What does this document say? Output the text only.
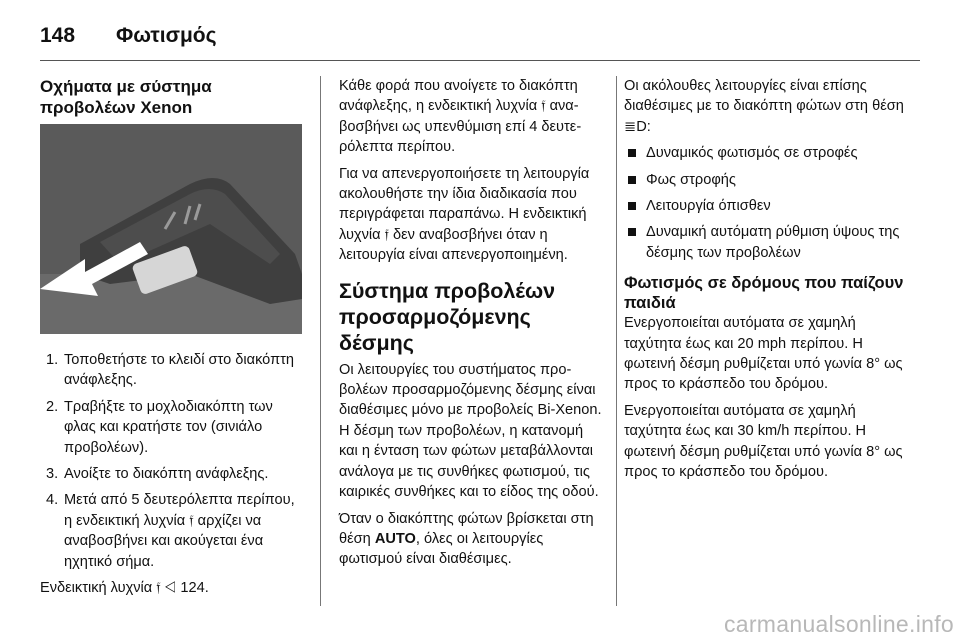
148 Φωτισμός
Οχήματα με σύστημα προβολέων Xenon
1. Τοποθετήστε το κλειδί στο διακόπτη ανάφλεξης.
2. Τραβήξτε το μοχλοδιακόπτη των φλας και κρατήστε τον (σινιάλο προβολέων).
3. Ανοίξτε το διακόπτη ανάφλεξης.
4. Μετά από 5 δευτερόλεπτα περίπου, η ενδεικτική λυχνία 𝔣 αρχίζει να αναβοσβήνει και ακούγεται ένα ηχητικό σήμα.

Ενδεικτική λυχνία 𝔣 ◁ 124.

Κάθε φορά που ανοίγετε το διακόπτη ανάφλεξης, η ενδεικτική λυχνία 𝔣 αναβοσβήνει ως υπενθύμιση επί 4 δευτερόλεπτα περίπου.

Για να απενεργοποιήσετε τη λειτουργία ακολουθήστε την ίδια διαδικασία που περιγράφεται παραπάνω. Η ενδεικτική λυχνία 𝔣 δεν αναβοσβήνει όταν η λειτουργία είναι απενεργοποιημένη.

Σύστημα προβολέων προσαρμοζόμενης δέσμης

Οι λειτουργίες του συστήματος προβολέων προσαρμοζόμενης δέσμης είναι διαθέσιμες μόνο με προβολείς Bi-Xenon. Η δέσμη των προβολέων, η κατανομή και η ένταση των φώτων μεταβάλλονται ανάλογα με τις συνθήκες φωτισμού, τις καιρικές συνθήκες και το είδος της οδού.

Όταν ο διακόπτης φώτων βρίσκεται στη θέση AUTO, όλες οι λειτουργίες φωτισμού είναι διαθέσιμες.

Οι ακόλουθες λειτουργίες είναι επίσης διαθέσιμες με το διακόπτη φώτων στη θέση ≣D:

Δυναμικός φωτισμός σε στροφές
Φως στροφής
Λειτουργία όπισθεν
Δυναμική αυτόματη ρύθμιση ύψους της δέσμης των προβολέων
Φωτισμός σε δρόμους που παίζουν παιδιά

Ενεργοποιείται αυτόματα σε χαμηλή ταχύτητα έως και 20 mph περίπου. Η φωτεινή δέσμη ρυθμίζεται υπό γωνία 8° ως προς το κράσπεδο του δρόμου.

Ενεργοποιείται αυτόματα σε χαμηλή ταχύτητα έως και 30 km/h περίπου. Η φωτεινή δέσμη ρυθμίζεται υπό γωνία 8° ως προς το κράσπεδο του δρόμου.

carmanualsonline.info
